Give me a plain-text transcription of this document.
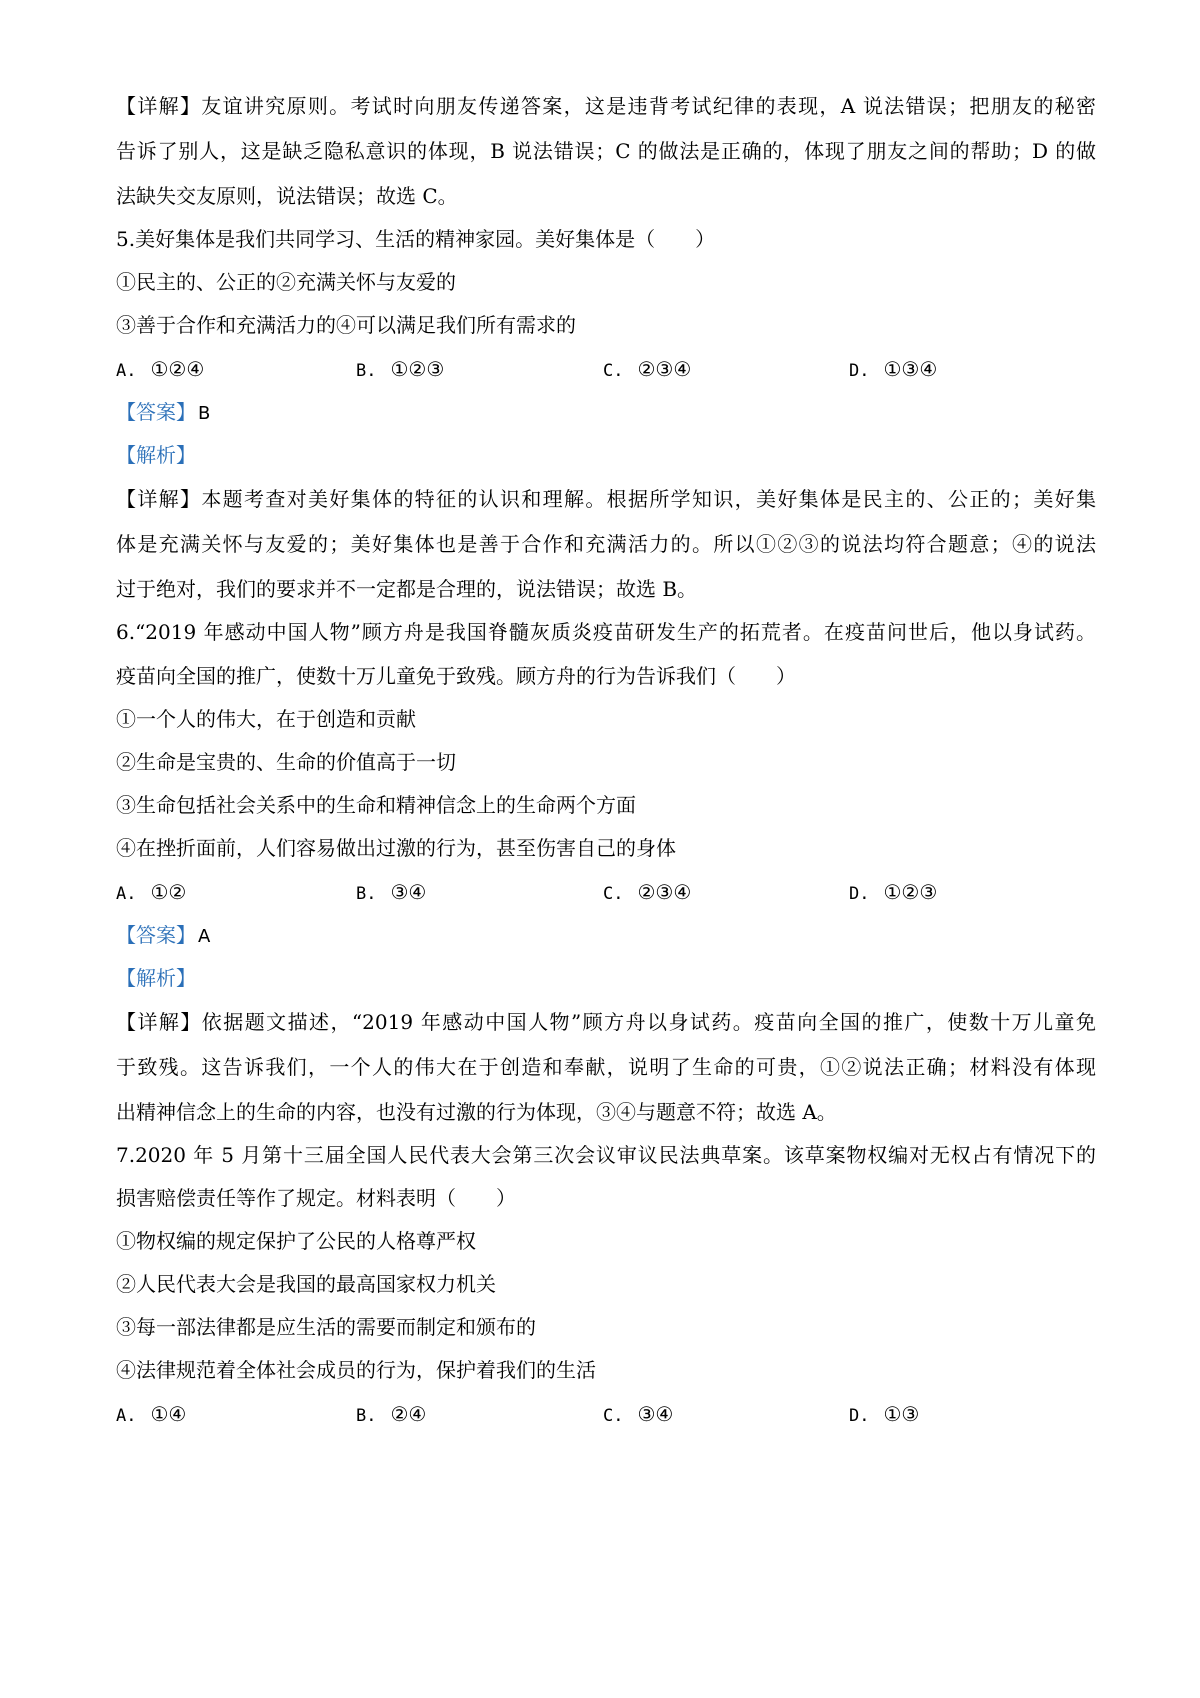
【详解】友谊讲究原则。考试时向朋友传递答案，这是违背考试纪律的表现，A 说法错误；把朋友的秘密
告诉了别人，这是缺乏隐私意识的体现，B 说法错误；C 的做法是正确的，体现了朋友之间的帮助；D 的做
法缺失交友原则，说法错误；故选 C。
5.美好集体是我们共同学习、生活的精神家园。美好集体是（　　）
①民主的、公正的②充满关怀与友爱的
③善于合作和充满活力的④可以满足我们所有需求的
A. ①②④	B. ①②③	C. ②③④	D. ①③④
【答案】 B
【解析】
【详解】本题考查对美好集体的特征的认识和理解。根据所学知识，美好集体是民主的、公正的；美好集
体是充满关怀与友爱的；美好集体也是善于合作和充满活力的。所以①②③的说法均符合题意；④的说法
过于绝对，我们的要求并不一定都是合理的，说法错误；故选 B。
6.“2019 年感动中国人物”顾方舟是我国脊髓灰质炎疫苗研发生产的拓荒者。在疫苗问世后，他以身试药。
疫苗向全国的推广，使数十万儿童免于致残。顾方舟的行为告诉我们（　　）
①一个人的伟大，在于创造和贡献
②生命是宝贵的、生命的价值高于一切
③生命包括社会关系中的生命和精神信念上的生命两个方面
④在挫折面前，人们容易做出过激的行为，甚至伤害自己的身体
A. ①②	B. ③④	C. ②③④	D. ①②③
【答案】 A
【解析】
【详解】依据题文描述，“2019 年感动中国人物”顾方舟以身试药。疫苗向全国的推广，使数十万儿童免
于致残。这告诉我们，一个人的伟大在于创造和奉献，说明了生命的可贵，①②说法正确；材料没有体现
出精神信念上的生命的内容，也没有过激的行为体现，③④与题意不符；故选 A。
7.2020 年 5 月第十三届全国人民代表大会第三次会议审议民法典草案。该草案物权编对无权占有情况下的
损害赔偿责任等作了规定。材料表明（　　）
①物权编的规定保护了公民的人格尊严权
②人民代表大会是我国的最高国家权力机关
③每一部法律都是应生活的需要而制定和颁布的
④法律规范着全体社会成员的行为，保护着我们的生活
A. ①④	B. ②④	C. ③④	D. ①③
